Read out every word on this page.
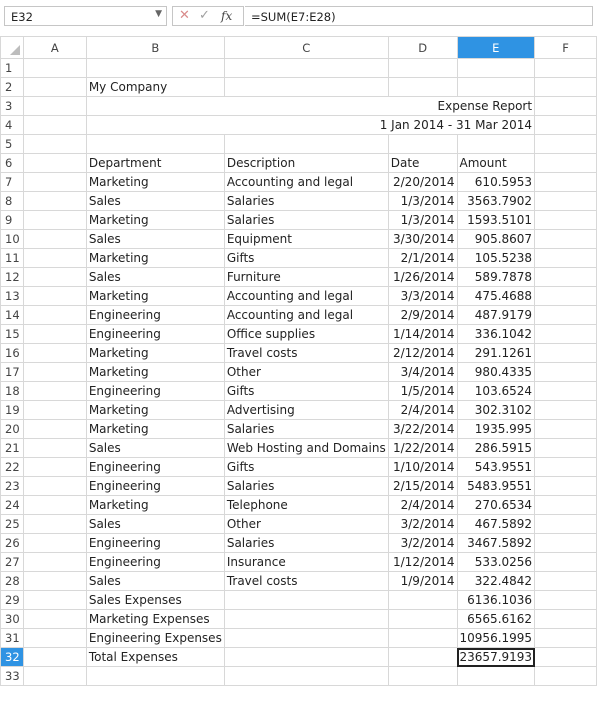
E32	▼ ✕ ✓ fx =SUM(E7:E28)
	A	B	C	D	E	F
1						
2		My Company				
3		Expense Report				
4		1 Jan 2014 - 31 Mar 2014				
5						
6		Department	Description	Date	Amount	
7		Marketing	Accounting and legal	2/20/2014	610.5953	
8		Sales	Salaries	1/3/2014	3563.7902	
9		Marketing	Salaries	1/3/2014	1593.5101	
10		Sales	Equipment	3/30/2014	905.8607	
11		Marketing	Gifts	2/1/2014	105.5238	
12		Sales	Furniture	1/26/2014	589.7878	
13		Marketing	Accounting and legal	3/3/2014	475.4688	
14		Engineering	Accounting and legal	2/9/2014	487.9179	
15		Engineering	Office supplies	1/14/2014	336.1042	
16		Marketing	Travel costs	2/12/2014	291.1261	
17		Marketing	Other	3/4/2014	980.4335	
18		Engineering	Gifts	1/5/2014	103.6524	
19		Marketing	Advertising	2/4/2014	302.3102	
20		Marketing	Salaries	3/22/2014	1935.995	
21		Sales	Web Hosting and Domains	1/22/2014	286.5915	
22		Engineering	Gifts	1/10/2014	543.9551	
23		Engineering	Salaries	2/15/2014	5483.9551	
24		Marketing	Telephone	2/4/2014	270.6534	
25		Sales	Other	3/2/2014	467.5892	
26		Engineering	Salaries	3/2/2014	3467.5892	
27		Engineering	Insurance	1/12/2014	533.0256	
28		Sales	Travel costs	1/9/2014	322.4842	
29		Sales Expenses			6136.1036	
30		Marketing Expenses			6565.6162	
31		Engineering Expenses			10956.1995	
32		Total Expenses			23657.9193	
33						
